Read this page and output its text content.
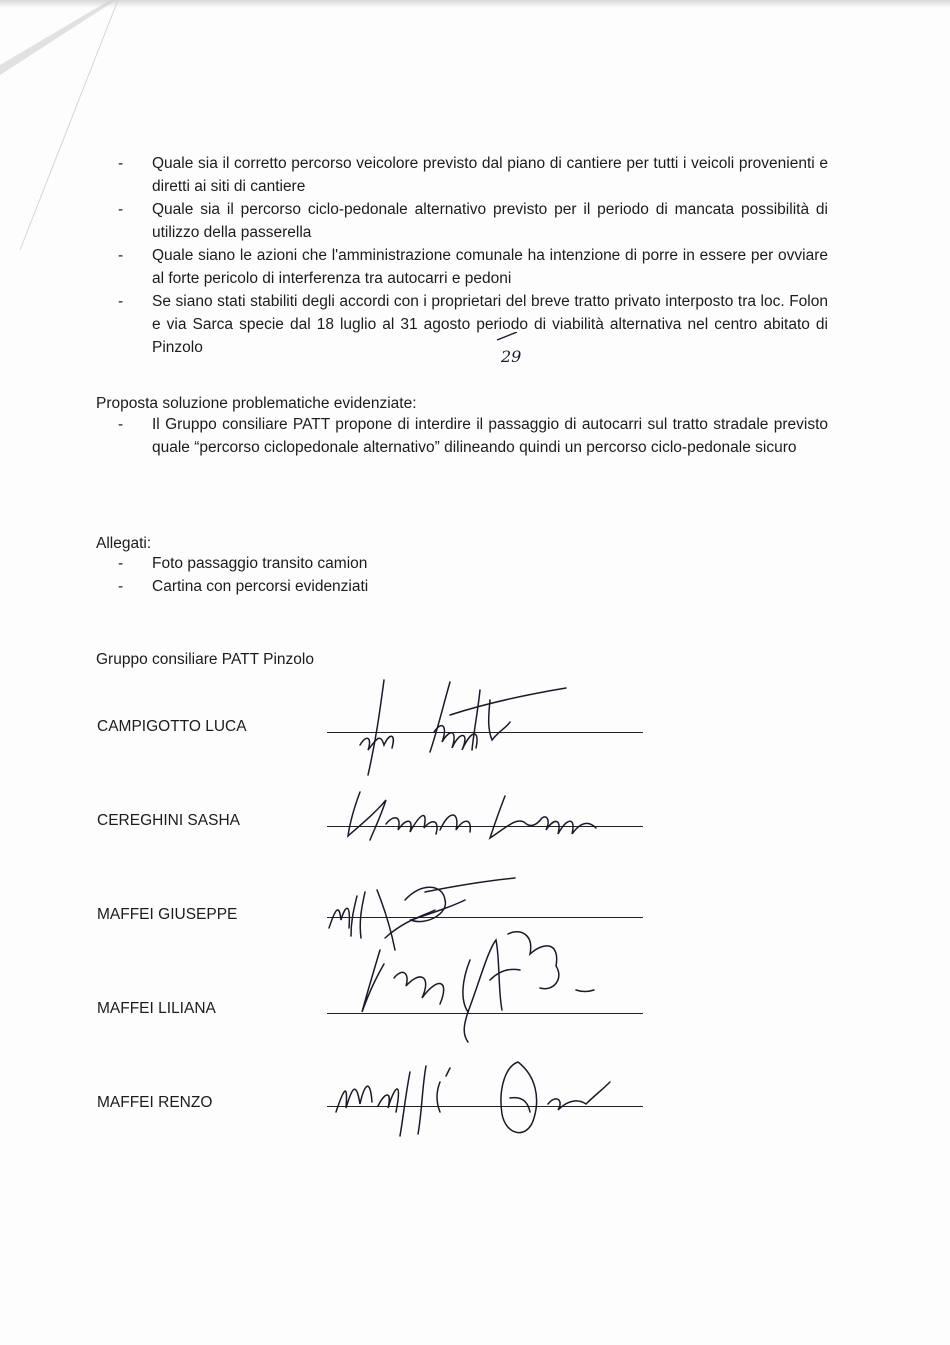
- Quale sia il corretto percorso veicolore previsto dal piano di cantiere per tutti i veicoli provenienti e diretti ai siti di cantiere
- Quale sia il percorso ciclo-pedonale alternativo previsto per il periodo di mancata possibilità di utilizzo della passerella
- Quale siano le azioni che l'amministrazione comunale ha intenzione di porre in essere per ovviare al forte pericolo di interferenza tra autocarri e pedoni
- Se siano stati stabiliti degli accordi con i proprietari del breve tratto privato interposto tra loc. Folon e via Sarca specie dal 18 luglio al 31 agosto periodo di viabilità alternativa nel centro abitato di Pinzolo	29

Proposta soluzione problematiche evidenziate:

- Il Gruppo consiliare PATT propone di interdire il passaggio di autocarri sul tratto stradale previsto quale “percorso ciclopedonale alternativo” dilineando quindi un percorso ciclo-pedonale sicuro

Allegati:

- Foto passaggio transito camion
- Cartina con percorsi evidenziati

Gruppo consiliare PATT Pinzolo

CAMPIGOTTO LUCA
CEREGHINI SASHA
MAFFEI GIUSEPPE
MAFFEI LILIANA
MAFFEI RENZO
